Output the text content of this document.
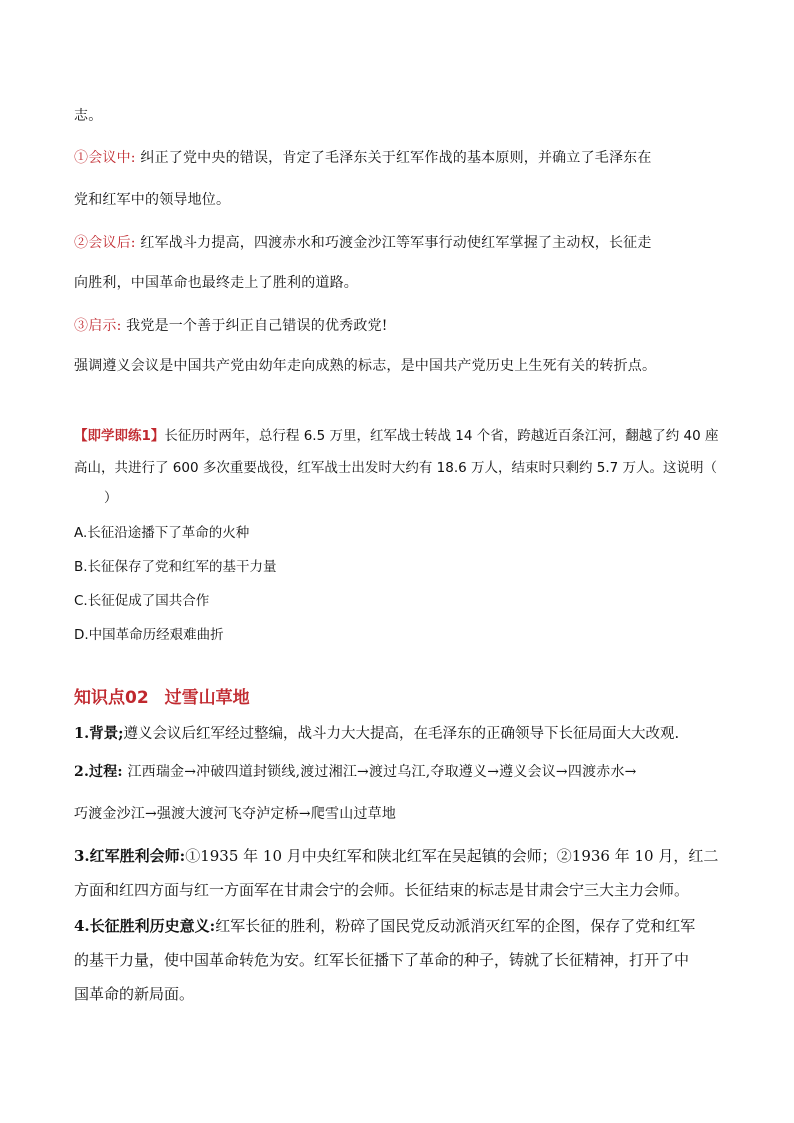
志。
①会议中: 纠正了党中央的错误，肯定了毛泽东关于红军作战的基本原则，并确立了毛泽东在
党和红军中的领导地位。
②会议后: 红军战斗力提高，四渡赤水和巧渡金沙江等军事行动使红军掌握了主动权，长征走
向胜利，中国革命也最终走上了胜利的道路。
③启示: 我党是一个善于纠正自己错误的优秀政党!
强调遵义会议是中国共产党由幼年走向成熟的标志，是中国共产党历史上生死有关的转折点。
【即学即练1】长征历时两年，总行程 6.5 万里，红军战士转战 14 个省，跨越近百条江河，翻越了约 40 座
高山，共进行了 600 多次重要战役，红军战士出发时大约有 18.6 万人，结束时只剩约 5.7 万人。这说明（
）
A.长征沿途播下了革命的火种
B.长征保存了党和红军的基干力量
C.长征促成了国共合作
D.中国革命历经艰难曲折
知识点02 过雪山草地
1.背景;遵义会议后红军经过整编，战斗力大大提高，在毛泽东的正确领导下长征局面大大改观.
2.过程: 江西瑞金→冲破四道封锁线,渡过湘江→渡过乌江,夺取遵义→遵义会议→四渡赤水→
巧渡金沙江→强渡大渡河飞夺泸定桥→爬雪山过草地
3.红军胜利会师:①1935 年 10 月中央红军和陕北红军在吴起镇的会师；②1936 年 10 月，红二
方面和红四方面与红一方面军在甘肃会宁的会师。长征结束的标志是甘肃会宁三大主力会师。
4.长征胜利历史意义:红军长征的胜利，粉碎了国民党反动派消灭红军的企图，保存了党和红军
的基干力量，使中国革命转危为安。红军长征播下了革命的种子，铸就了长征精神，打开了中
国革命的新局面。
